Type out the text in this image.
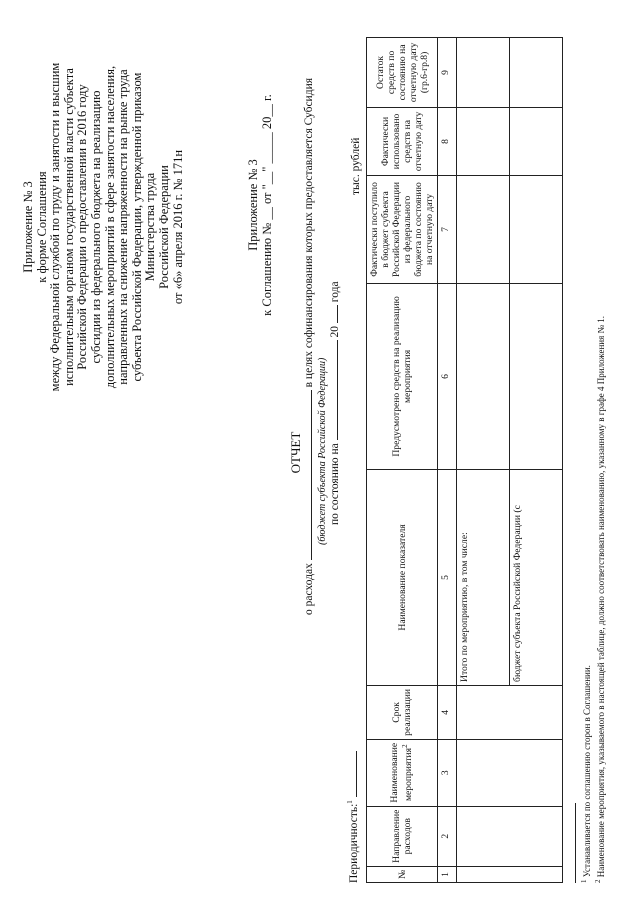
Приложение № 3 к форме Соглашения между Федеральной службой по труду и занятости и высшим исполнительным органом государственной власти субъекта Российской Федерации о предоставлении в 2016 году субсидии из федерального бюджета на реализацию дополнительных мероприятий в сфере занятости населения, направленных на снижение напряженности на рынке труда субъекта Российской Федерации, утвержденной приказом Министерства труда Российской Федерации от «6» апреля 2016 г. № 171н	Приложение № 3 к Соглашению № __ от "__" _____ 20__ г.
ОТЧЕТ
о расходах  в целях софинансирования которых предоставляется Субсидия
(бюджет субъекта Российской Федерации) по состоянию на  20  года
Периодичность:$^1$
тыс. рублей
№	Направление расходов	Наименование мероприятия$^2$	Срок реализации	Наименование показателя	Предусмотрено средств на реализацию мероприятия	Фактически поступило в бюджет субъекта Российской Федерации из федерального бюджета по состоянию на отчетную дату	Фактически использовано средств на отчетную дату	Остаток средств по состоянию на отчетную дату (гр.6-гр.8)
1	2	3	4	5	6	7	8	9
				Итого по мероприятию, в том числе:				
				бюджет субъекта Российской Федерации (с				
$^1$ Устанавливается по соглашению сторон в Соглашении.
$^2$ Наименование мероприятия, указываемого в настоящей таблице, должно соответствовать наименованию, указанному в графе 4 Приложения № 1.
